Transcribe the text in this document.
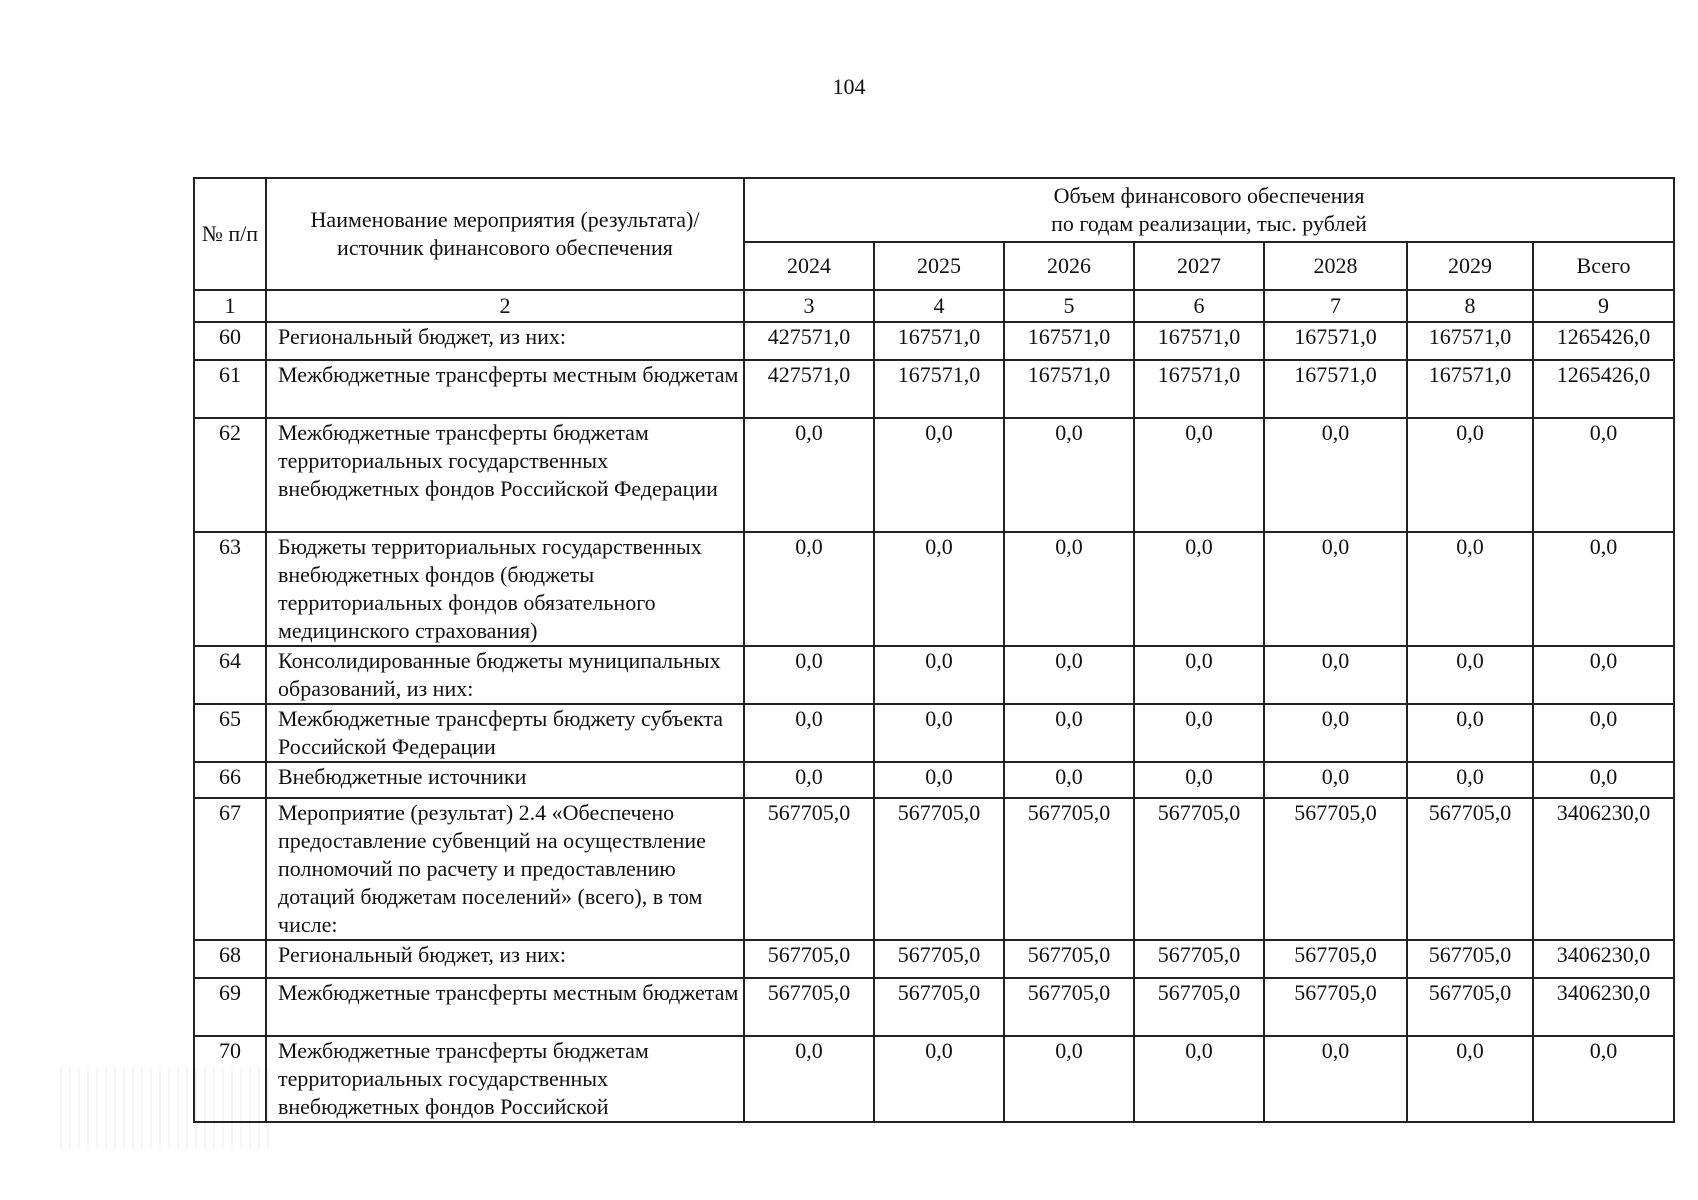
104
№ п/п	Наименование мероприятия (результата)/ источник финансового обеспечения	Объем финансового обеспечения
по годам реализации, тыс. рублей						

		2024	2025	2026	2027	2028	2029	Всего
1	2	3	4	5	6	7	8	9
60	Региональный бюджет, из них:	427571,0	167571,0	167571,0	167571,0	167571,0	167571,0	1265426,0
61	Межбюджетные трансферты местным бюджетам	427571,0	167571,0	167571,0	167571,0	167571,0	167571,0	1265426,0
62	Межбюджетные трансферты бюджетам территориальных государственных внебюджетных фондов Российской Федерации	0,0	0,0	0,0	0,0	0,0	0,0	0,0
63	Бюджеты территориальных государственных внебюджетных фондов (бюджеты территориальных фондов обязательного медицинского страхования)	0,0	0,0	0,0	0,0	0,0	0,0	0,0
64	Консолидированные бюджеты муниципальных образований, из них:	0,0	0,0	0,0	0,0	0,0	0,0	0,0
65	Межбюджетные трансферты бюджету субъекта Российской Федерации	0,0	0,0	0,0	0,0	0,0	0,0	0,0
66	Внебюджетные источники	0,0	0,0	0,0	0,0	0,0	0,0	0,0
67	Мероприятие (результат) 2.4 «Обеспечено предоставление субвенций на осуществление полномочий по расчету и предоставлению дотаций бюджетам поселений» (всего), в том числе:	567705,0	567705,0	567705,0	567705,0	567705,0	567705,0	3406230,0
68	Региональный бюджет, из них:	567705,0	567705,0	567705,0	567705,0	567705,0	567705,0	3406230,0
69	Межбюджетные трансферты местным бюджетам	567705,0	567705,0	567705,0	567705,0	567705,0	567705,0	3406230,0
70	Межбюджетные трансферты бюджетам территориальных государственных внебюджетных фондов Российской	0,0	0,0	0,0	0,0	0,0	0,0	0,0
